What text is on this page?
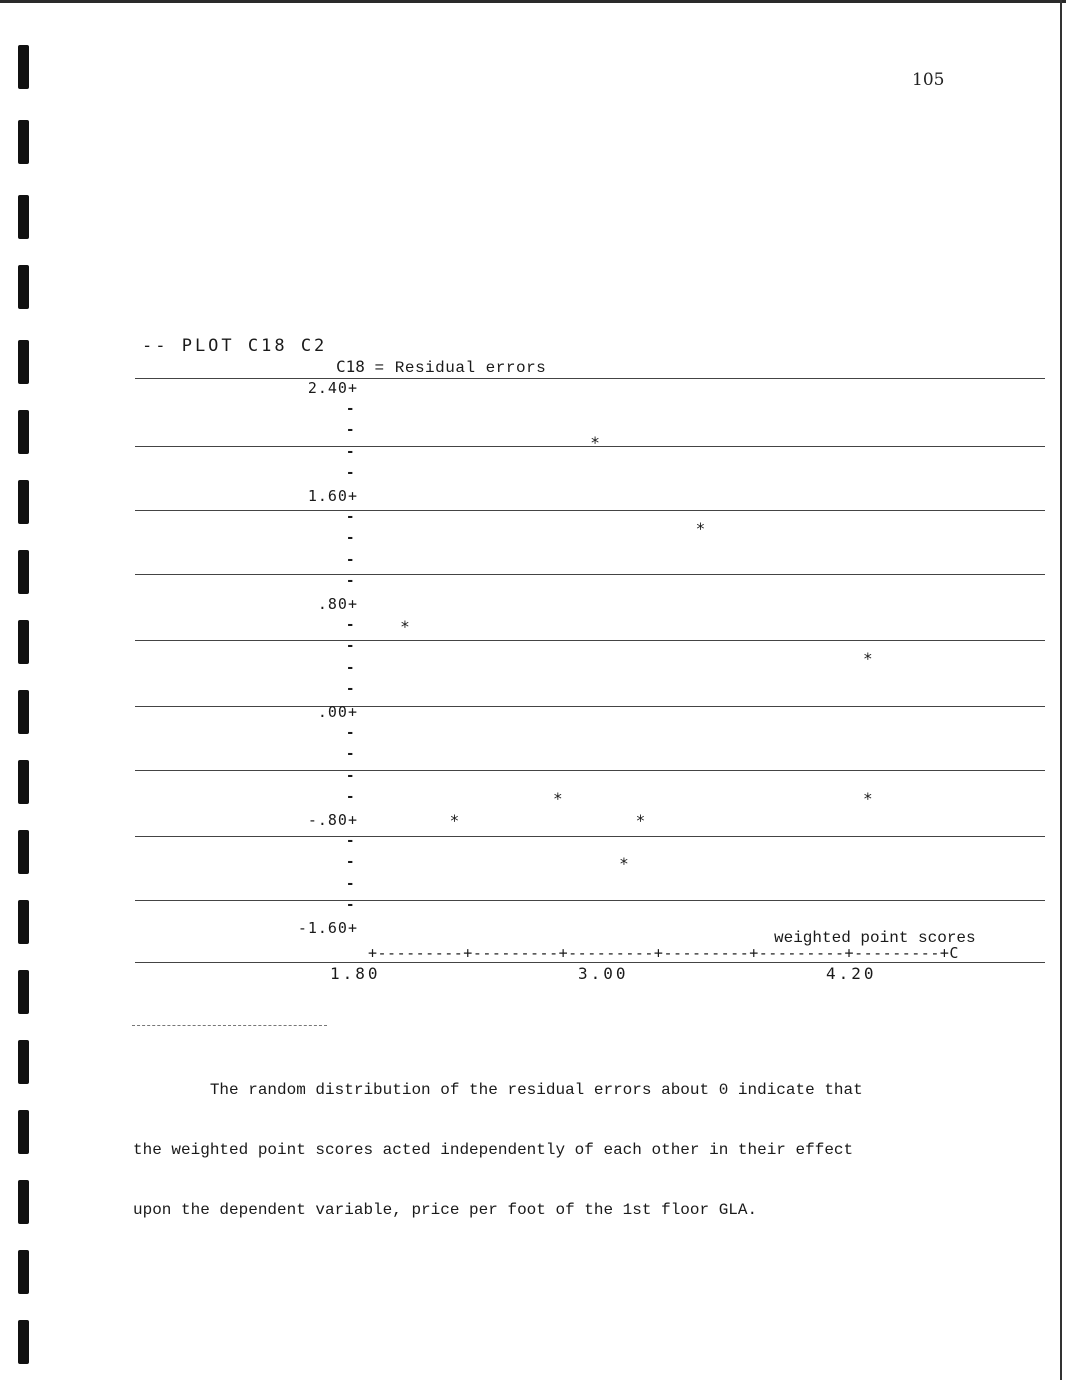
105
-- PLOT C18 C2
C18 = Residual errors
2.40+
1.60+
.80+
.00+
-.80+
-1.60+
-
-
-
-
-
-
-
-
-
-
-
-
-
-
-
-
-
-
-
-
*
*
*
*
*
*
*
*
*
1.80	3.00	4.20
+---------+---------+---------+---------+---------+---------+C
weighted point scores

The random distribution of the residual errors about 0 indicate that

the weighted point scores acted independently of each other in their effect

upon the dependent variable, price per foot of the 1st floor GLA.
